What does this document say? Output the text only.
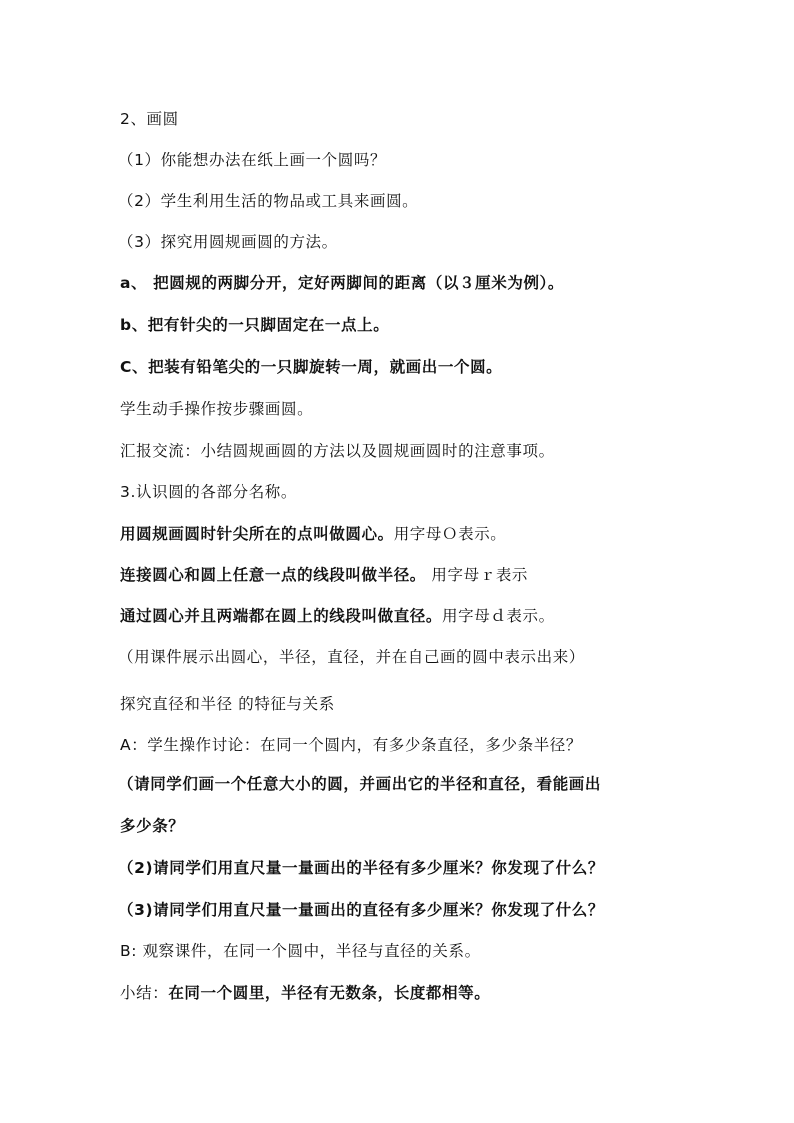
2、画圆
（1）你能想办法在纸上画一个圆吗？
（2）学生利用生活的物品或工具来画圆。
（3）探究用圆规画圆的方法。
a、 把圆规的两脚分开，定好两脚间的距离（以３厘米为例）。
b、把有针尖的一只脚固定在一点上。
C、把装有铅笔尖的一只脚旋转一周，就画出一个圆。
学生动手操作按步骤画圆。
汇报交流：小结圆规画圆的方法以及圆规画圆时的注意事项。
3.认识圆的各部分名称。
用圆规画圆时针尖所在的点叫做圆心。用字母Ｏ表示。
连接圆心和圆上任意一点的线段叫做半径。 用字母ｒ表示
通过圆心并且两端都在圆上的线段叫做直径。用字母ｄ表示。
（用课件展示出圆心，半径，直径，并在自己画的圆中表示出来）
探究直径和半径 的特征与关系
A：学生操作讨论：在同一个圆内，有多少条直径，多少条半径？
（请同学们画一个任意大小的圆，并画出它的半径和直径，看能画出
多少条？
（2)请同学们用直尺量一量画出的半径有多少厘米？你发现了什么？
（3)请同学们用直尺量一量画出的直径有多少厘米？你发现了什么？
B: 观察课件，在同一个圆中，半径与直径的关系。
小结：在同一个圆里，半径有无数条，长度都相等。
